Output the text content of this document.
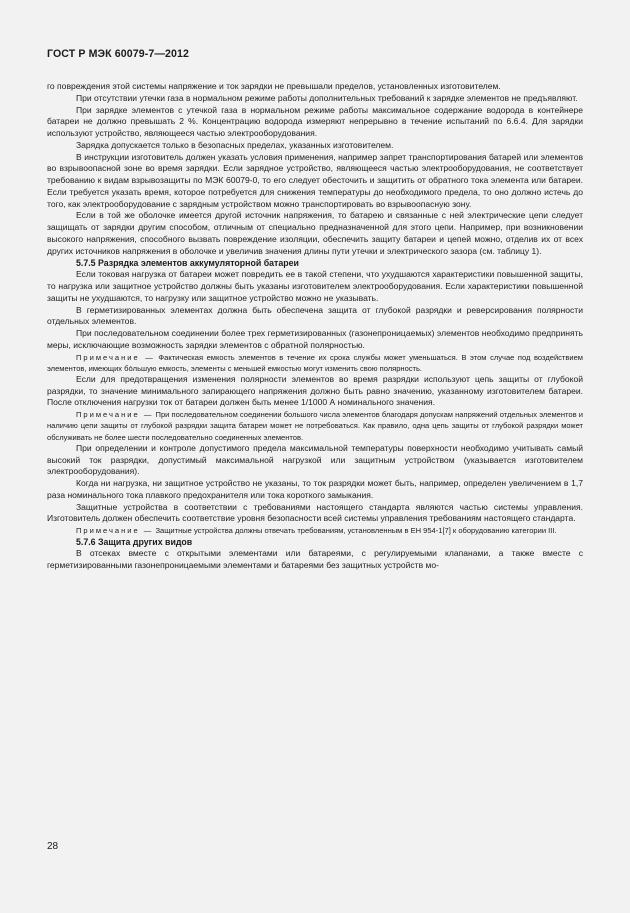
ГОСТ Р МЭК 60079-7—2012

го повреждения этой системы напряжение и ток зарядки не превышали пределов, установленных изготовителем.

При отсутствии утечки газа в нормальном режиме работы дополнительных требований к зарядке элементов не предъявляют.

При зарядке элементов с утечкой газа в нормальном режиме работы максимальное содержание водорода в контейнере батареи не должно превышать 2 %. Концентрацию водорода измеряют непрерывно в течение испытаний по 6.6.4. Для зарядки используют устройство, являющееся частью электрооборудования.

Зарядка допускается только в безопасных пределах, указанных изготовителем.

В инструкции изготовитель должен указать условия применения, например запрет транспортирования батарей или элементов во взрывоопасной зоне во время зарядки. Если зарядное устройство, являющееся частью электрооборудования, не соответствует требованию к видам взрывозащиты по МЭК 60079-0, то его следует обесточить и защитить от обратного тока элемента или батареи. Если требуется указать время, которое потребуется для снижения температуры до необходимого предела, то оно должно истечь до того, как электрооборудование с зарядным устройством можно транспортировать во взрывоопасную зону.

Если в той же оболочке имеется другой источник напряжения, то батарею и связанные с ней электрические цепи следует защищать от зарядки другим способом, отличным от специально предназначенной для этого цепи. Например, при возникновении высокого напряжения, способного вызвать повреждение изоляции, обеспечить защиту батареи и цепей можно, отделив их от всех других источников напряжения в оболочке и увеличив значения длины пути утечки и электрического зазора (см. таблицу 1).

5.7.5 Разрядка элементов аккумуляторной батареи

Если токовая нагрузка от батареи может повредить ее в такой степени, что ухудшаются характеристики повышенной защиты, то нагрузка или защитное устройство должны быть указаны изготовителем электрооборудования. Если характеристики повышенной защиты не ухудшаются, то нагрузку или защитное устройство можно не указывать.

В герметизированных элементах должна быть обеспечена защита от глубокой разрядки и реверсирования полярности отдельных элементов.

При последовательном соединении более трех герметизированных (газонепроницаемых) элементов необходимо предпринять меры, исключающие возможность зарядки элементов с обратной полярностью.

Примечание — Фактическая емкость элементов в течение их срока службы может уменьшаться. В этом случае под воздействием элементов, имеющих бо́льшую емкость, элементы с меньшей емкостью могут изменить свою полярность.

Если для предотвращения изменения полярности элементов во время разрядки используют цепь защиты от глубокой разрядки, то значение минимального запирающего напряжения должно быть равно значению, указанному изготовителем батареи. После отключения нагрузки ток от батареи должен быть менее 1/1000 А номинального значения.

Примечание — При последовательном соединении большого числа элементов благодаря допускам напряжений отдельных элементов и наличию цепи защиты от глубокой разрядки защита батареи может не потребоваться. Как правило, одна цепь защиты от глубокой разрядки может обслуживать не более шести последовательно соединенных элементов.

При определении и контроле допустимого предела максимальной температуры поверхности необходимо учитывать самый высокий ток разрядки, допустимый максимальной нагрузкой или защитным устройством (указывается изготовителем электрооборудования).

Когда ни нагрузка, ни защитное устройство не указаны, то ток разрядки может быть, например, определен увеличением в 1,7 раза номинального тока плавкого предохранителя или тока короткого замыкания.

Защитные устройства в соответствии с требованиями настоящего стандарта являются частью системы управления. Изготовитель должен обеспечить соответствие уровня безопасности всей системы управления требованиям настоящего стандарта.

Примечание — Защитные устройства должны отвечать требованиям, установленным в ЕН 954-1[7] к оборудованию категории III.

5.7.6 Защита других видов

В отсеках вместе с открытыми элементами или батареями, с регулируемыми клапанами, а также вместе с герметизированными газонепроницаемыми элементами и батареями без защитных устройств мо-

28
